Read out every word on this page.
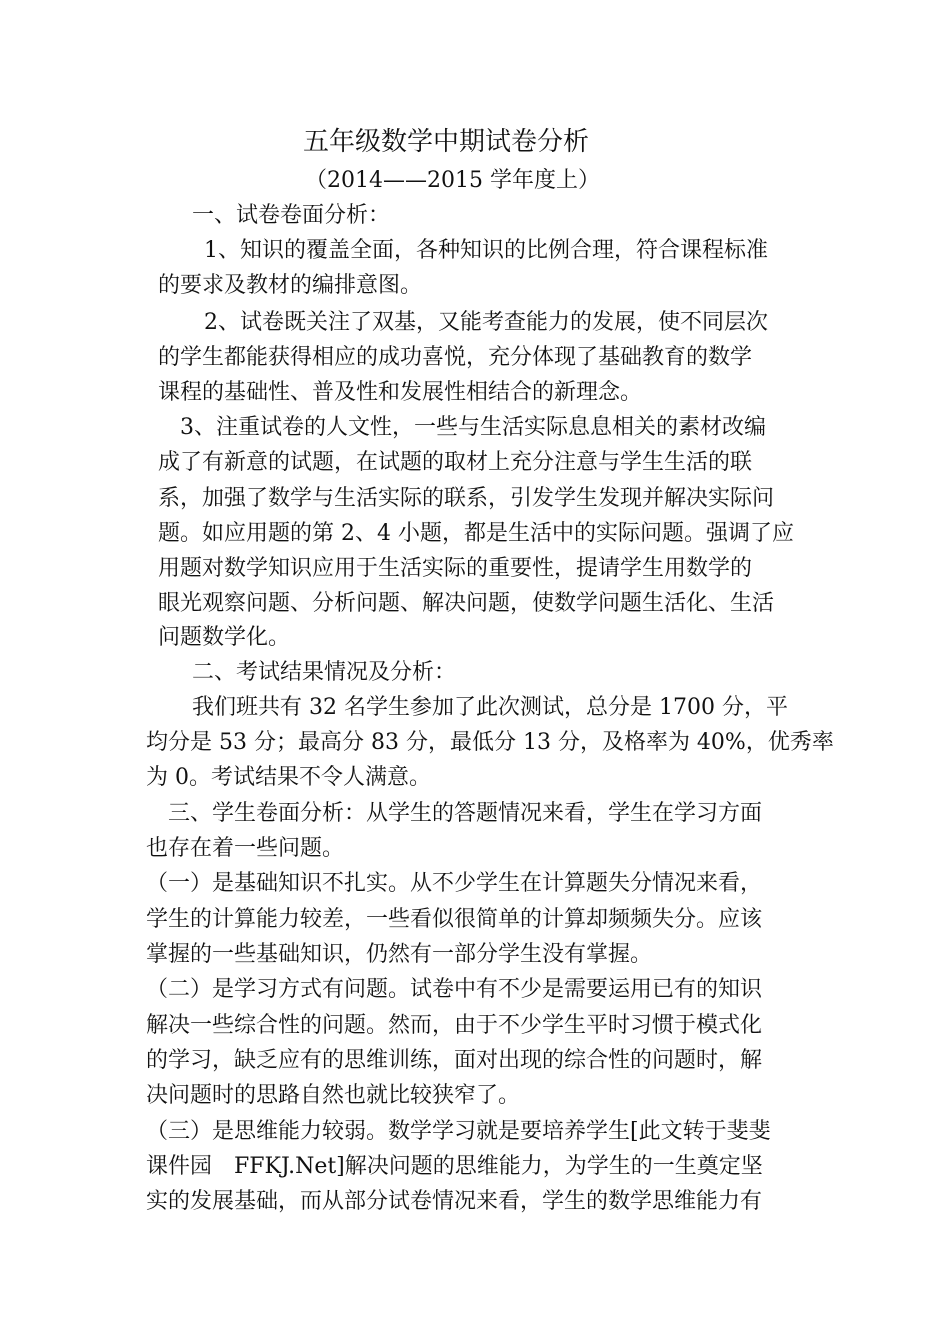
五年级数学中期试卷分析
（2014——2015 学年度上）
一、试卷卷面分析：
1、知识的覆盖全面，各种知识的比例合理，符合课程标准
的要求及教材的编排意图。
2、试卷既关注了双基，又能考查能力的发展，使不同层次
的学生都能获得相应的成功喜悦，充分体现了基础教育的数学
课程的基础性、普及性和发展性相结合的新理念。
3、注重试卷的人文性，一些与生活实际息息相关的素材改编
成了有新意的试题，在试题的取材上充分注意与学生生活的联
系，加强了数学与生活实际的联系，引发学生发现并解决实际问
题。如应用题的第 2、4 小题，都是生活中的实际问题。强调了应
用题对数学知识应用于生活实际的重要性，提请学生用数学的
眼光观察问题、分析问题、解决问题，使数学问题生活化、生活
问题数学化。
二、考试结果情况及分析：
我们班共有 32 名学生参加了此次测试，总分是 1700 分，平
均分是 53 分；最高分 83 分，最低分 13 分，及格率为 40%，优秀率
为 0。考试结果不令人满意。
三、学生卷面分析：从学生的答题情况来看，学生在学习方面
也存在着一些问题。
（一）是基础知识不扎实。从不少学生在计算题失分情况来看，
学生的计算能力较差，一些看似很简单的计算却频频失分。应该
掌握的一些基础知识，仍然有一部分学生没有掌握。
（二）是学习方式有问题。试卷中有不少是需要运用已有的知识
解决一些综合性的问题。然而，由于不少学生平时习惯于模式化
的学习，缺乏应有的思维训练，面对出现的综合性的问题时，解
决问题时的思路自然也就比较狭窄了。
（三）是思维能力较弱。数学学习就是要培养学生[此文转于斐斐
课件园　FFKJ.Net]解决问题的思维能力，为学生的一生奠定坚
实的发展基础，而从部分试卷情况来看，学生的数学思维能力有
